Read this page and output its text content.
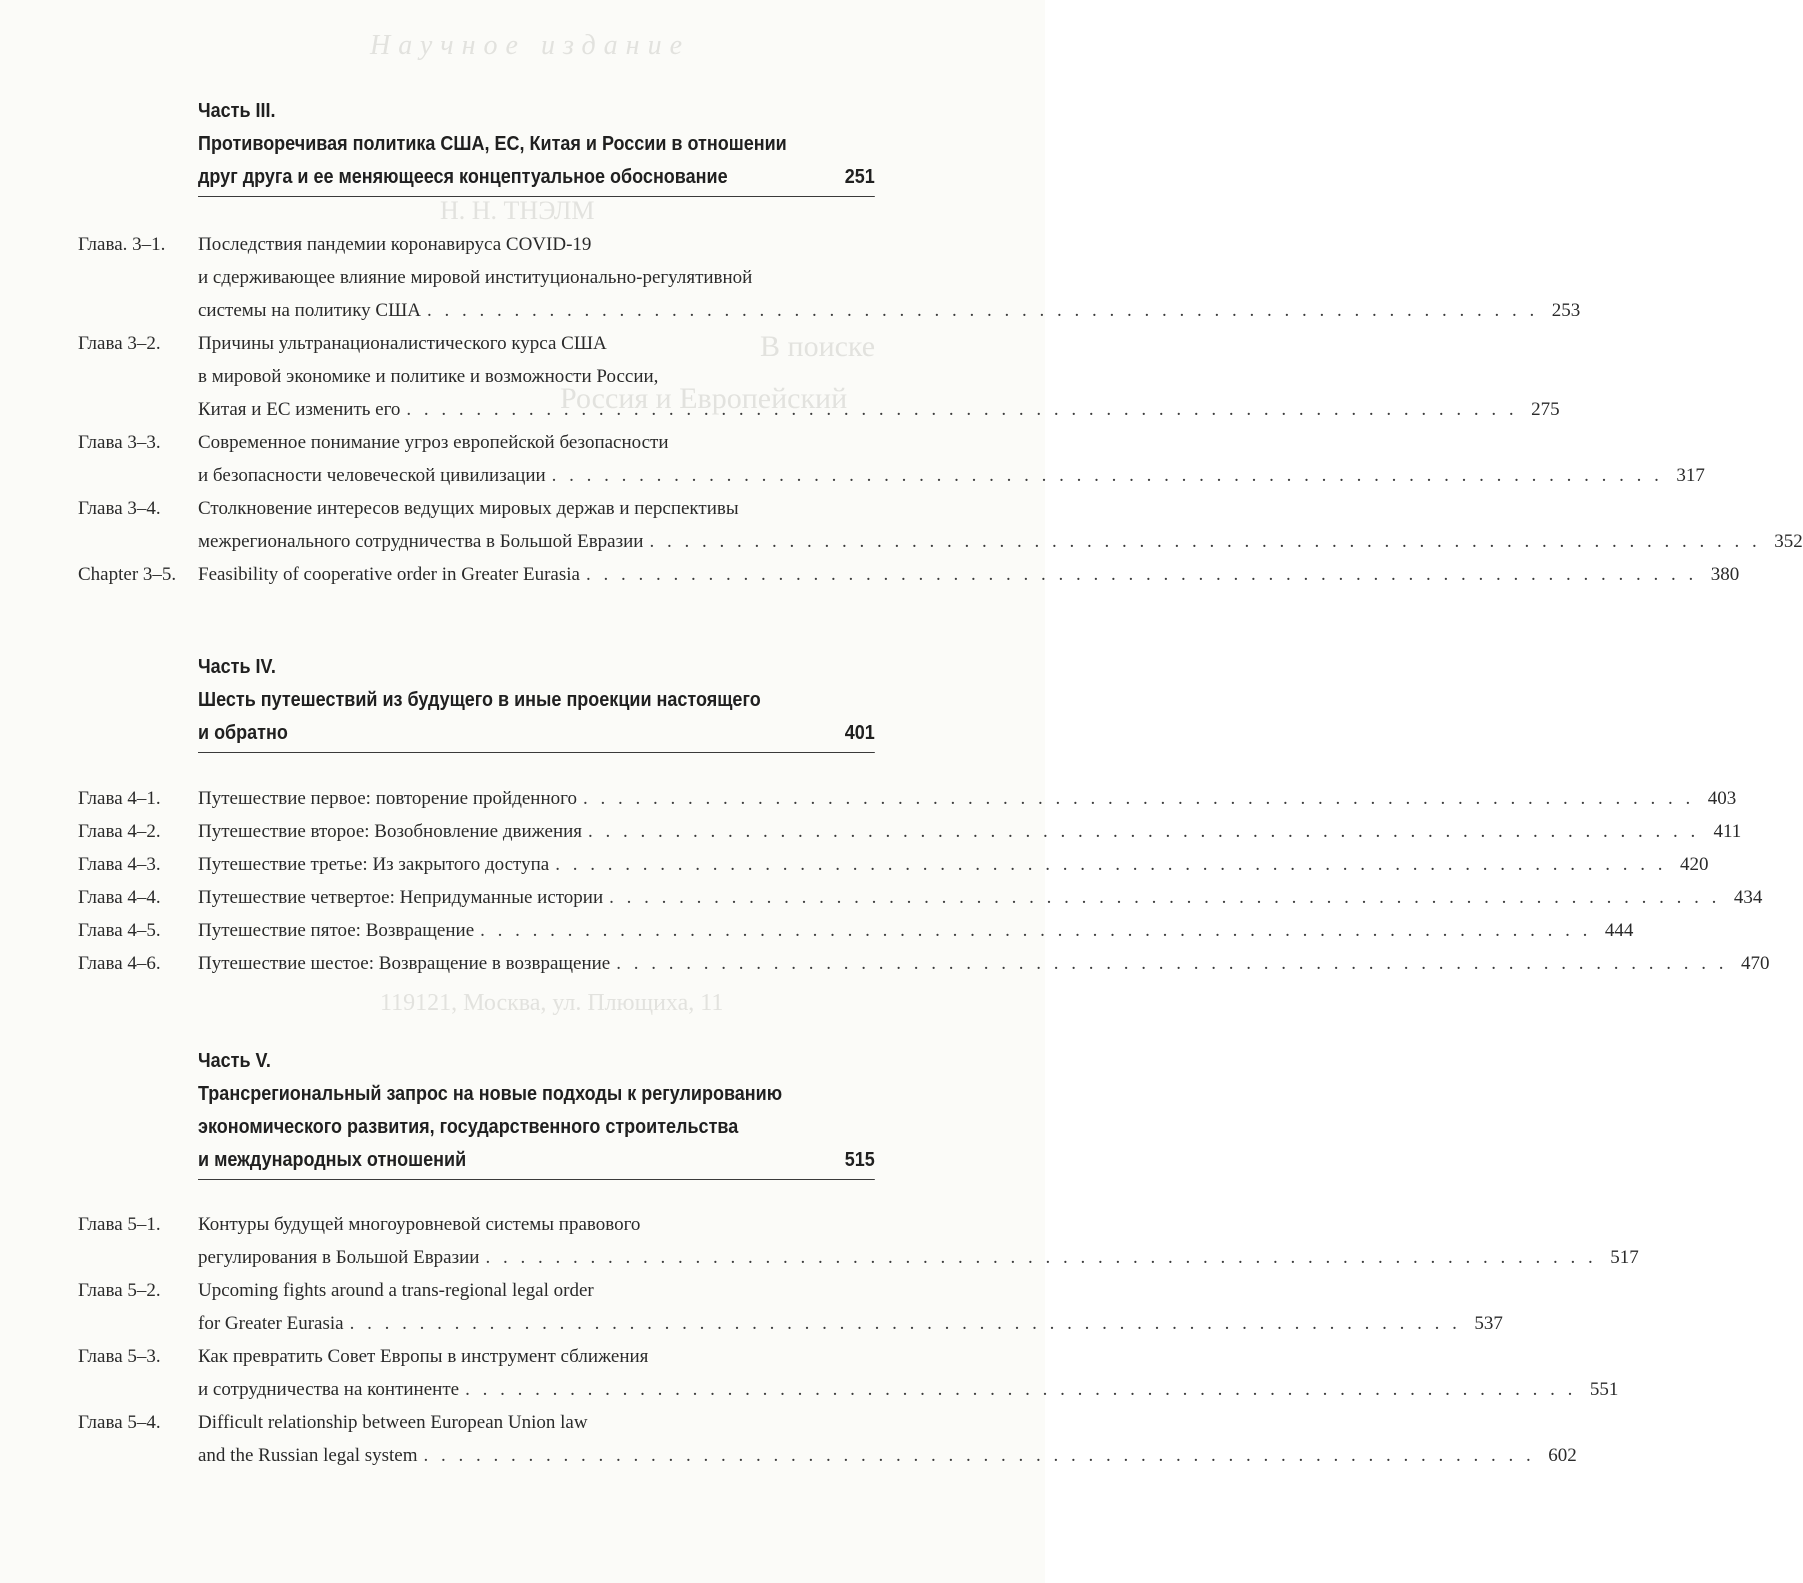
Научное издание
Н. Н. ТНЭЛМ
В поиске
Россия и Европейский
119121, Москва, ул. Плющиха, 11
Часть III.
Противоречивая политика США, ЕС, Китая и России в отношении
друг друга и ее меняющееся концептуальное обоснование	251
Глава. 3–1.	Последствия пандемии коронавируса COVID-19
и сдерживающее влияние мировой институционально-регулятивной
системы на политику США . . .	253
Глава 3–2.	Причины ультранационалистического курса США
в мировой экономике и политике и возможности России,
Китая и ЕС изменить его . . .	275
Глава 3–3.	Современное понимание угроз европейской безопасности
и безопасности человеческой цивилизации . . .	317
Глава 3–4.	Столкновение интересов ведущих мировых держав и перспективы
межрегионального сотрудничества в Большой Евразии . . .	352
Chapter 3–5.	Feasibility of cooperative order in Greater Eurasia . . .	380
Часть IV.
Шесть путешествий из будущего в иные проекции настоящего
и обратно	401
Глава 4–1.	Путешествие первое: повторение пройденного . . .	403
Глава 4–2.	Путешествие второе: Возобновление движения . . .	411
Глава 4–3.	Путешествие третье: Из закрытого доступа . . .	420
Глава 4–4.	Путешествие четвертое: Непридуманные истории . . .	434
Глава 4–5.	Путешествие пятое: Возвращение . . .	444
Глава 4–6.	Путешествие шестое: Возвращение в возвращение . . .	470
Часть V.
Трансрегиональный запрос на новые подходы к регулированию
экономического развития, государственного строительства
и международных отношений	515
Глава 5–1.	Контуры будущей многоуровневой системы правового
регулирования в Большой Евразии . . .	517
Глава 5–2.	Upcoming fights around a trans-regional legal order
for Greater Eurasia . . .	537
Глава 5–3.	Как превратить Совет Европы в инструмент сближения
и сотрудничества на континенте . . .	551
Глава 5–4.	Difficult relationship between European Union law
and the Russian legal system . . .	602
